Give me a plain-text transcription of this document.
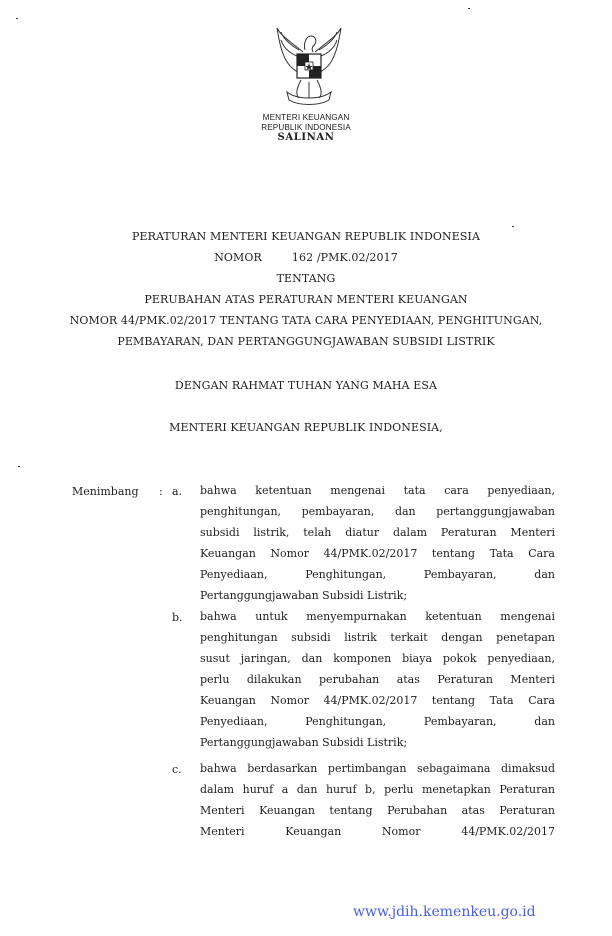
MENTERI KEUANGAN
REPUBLIK INDONESIA
SALINAN
PERATURAN MENTERI KEUANGAN REPUBLIK INDONESIA
NOMOR	162 /PMK.02/2017
TENTANG
PERUBAHAN ATAS PERATURAN MENTERI KEUANGAN
NOMOR 44/PMK.02/2017 TENTANG TATA CARA PENYEDIAAN, PENGHITUNGAN,
PEMBAYARAN, DAN PERTANGGUNGJAWABAN SUBSIDI LISTRIK
DENGAN RAHMAT TUHAN YANG MAHA ESA
MENTERI KEUANGAN REPUBLIK INDONESIA,
Menimbang : a. bahwa ketentuan mengenai tata cara penyediaan,
penghitungan, pembayaran, dan pertanggungjawaban
subsidi listrik, telah diatur dalam Peraturan Menteri
Keuangan Nomor 44/PMK.02/2017 tentang Tata Cara
Penyediaan, Penghitungan, Pembayaran, dan
Pertanggungjawaban Subsidi Listrik;
b. bahwa untuk menyempurnakan ketentuan mengenai
penghitungan subsidi listrik terkait dengan penetapan
susut jaringan, dan komponen biaya pokok penyediaan,
perlu dilakukan perubahan atas Peraturan Menteri
Keuangan Nomor 44/PMK.02/2017 tentang Tata Cara
Penyediaan, Penghitungan, Pembayaran, dan
Pertanggungjawaban Subsidi Listrik;
c. bahwa berdasarkan pertimbangan sebagaimana dimaksud
dalam huruf a dan huruf b, perlu menetapkan Peraturan
Menteri Keuangan tentang Perubahan atas Peraturan
Menteri Keuangan Nomor 44/PMK.02/2017
www.jdih.kemenkeu.go.id
